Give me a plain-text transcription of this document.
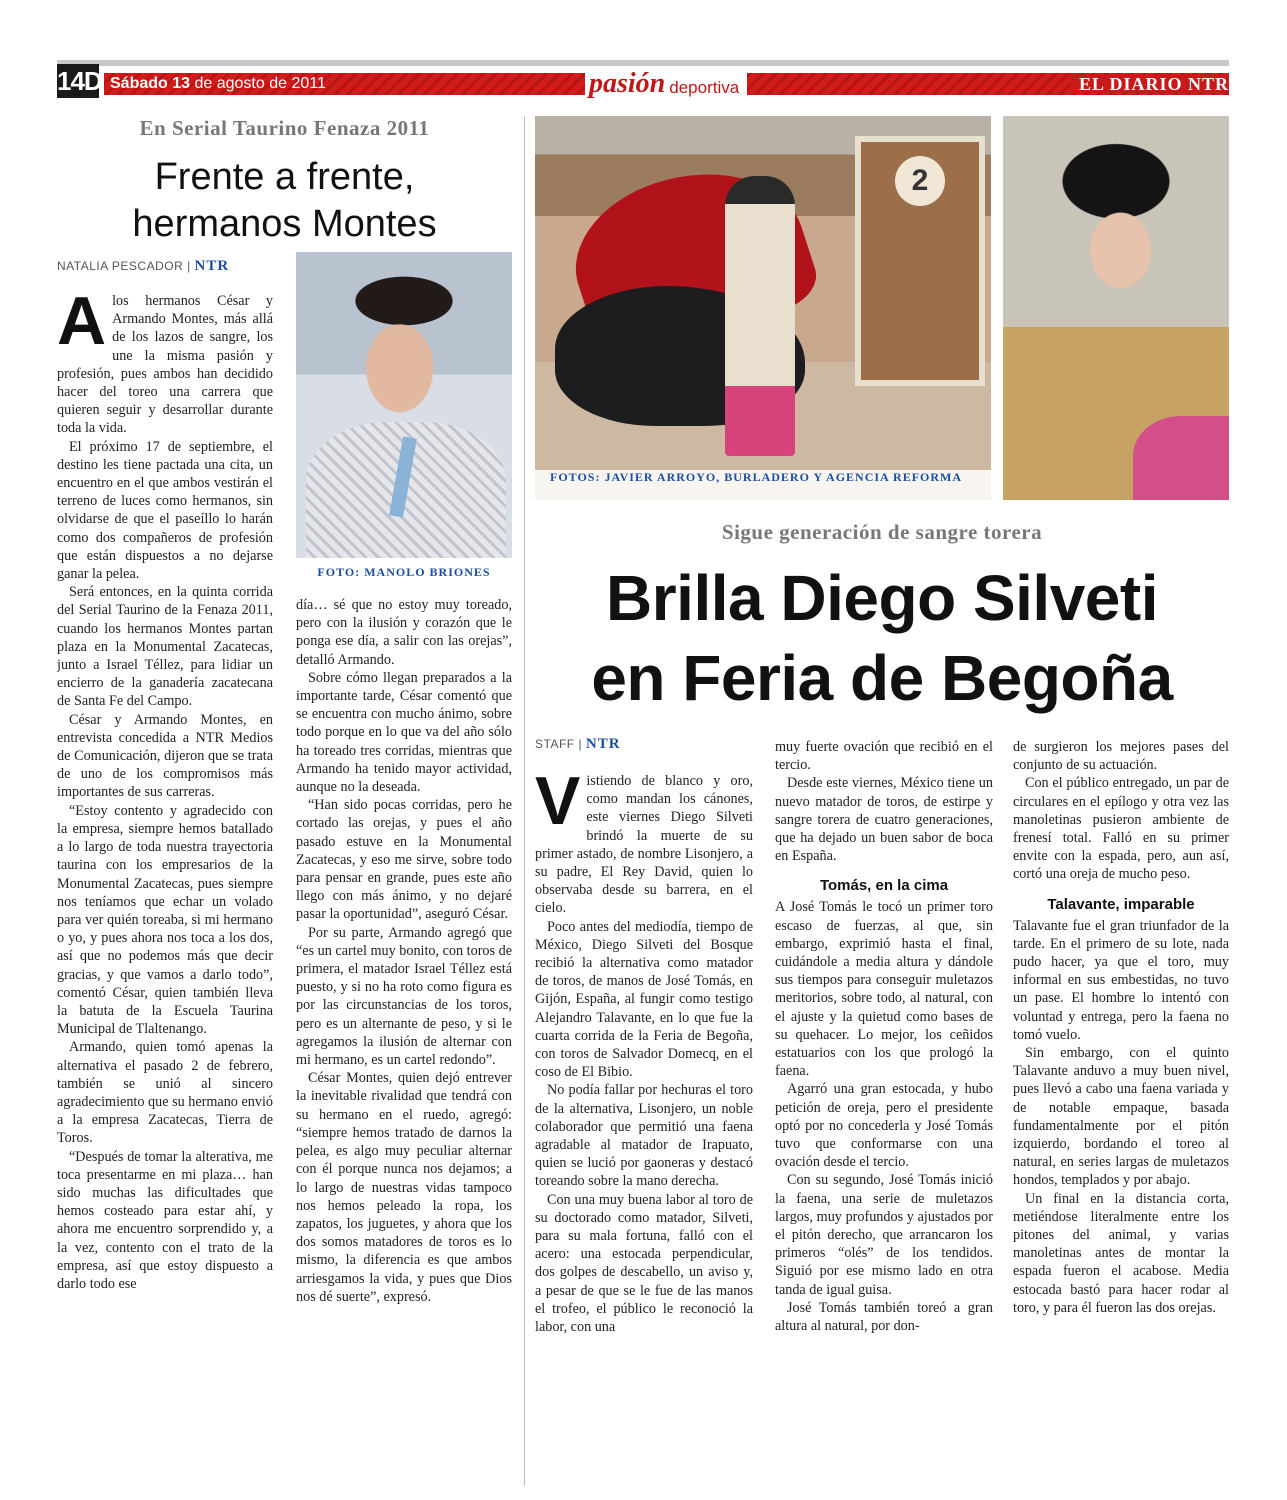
14D Sábado 13 de agosto de 2011	pasión deportiva	EL DIARIO NTR
En Serial Taurino Fenaza 2011
Frente a frente,
hermanos Montes
NATALIA PESCADOR | NTR
FOTO: MANOLO BRIONES
2
FOTOS: JAVIER ARROYO, BURLADERO Y AGENCIA REFORMA
Sigue generación de sangre torera
Brilla Diego Silveti
en Feria de Begoña
STAFF | NTR
V istiendo de blanco y oro, como mandan los cánones, este viernes Diego Silveti brindó la muerte de su primer astado, de nombre Lisonjero, a su padre, El Rey David, quien lo observaba desde su barrera, en el cielo.

Poco antes del mediodía, tiempo de México, Diego Silveti del Bosque recibió la alternativa como matador de toros, de manos de José Tomás, en Gijón, España, al fungir como testigo Alejandro Talavante, en lo que fue la cuarta corrida de la Feria de Begoña, con toros de Salvador Domecq, en el coso de El Bibio.

No podía fallar por hechuras el toro de la alternativa, Lisonjero, un noble colaborador que permitió una faena agradable al matador de Irapuato, quien se lució por gaoneras y destacó toreando sobre la mano derecha.

Con una muy buena labor al toro de su doctorado como matador, Silveti, para su mala fortuna, falló con el acero: una estocada perpendicular, dos golpes de descabello, un aviso y, a pesar de que se le fue de las manos el trofeo, el público le reconoció la labor, con una

muy fuerte ovación que recibió en el tercio.

Desde este viernes, México tiene un nuevo matador de toros, de estirpe y sangre torera de cuatro generaciones, que ha dejado un buen sabor de boca en España.

Tomás, en la cima

A José Tomás le tocó un primer toro escaso de fuerzas, al que, sin embargo, exprimió hasta el final, cuidándole a media altura y dándole sus tiempos para conseguir muletazos meritorios, sobre todo, al natural, con el ajuste y la quietud como bases de su quehacer. Lo mejor, los ceñidos estatuarios con los que prologó la faena.

Agarró una gran estocada, y hubo petición de oreja, pero el presidente optó por no concederla y José Tomás tuvo que conformarse con una ovación desde el tercio.

Con su segundo, José Tomás inició la faena, una serie de muletazos largos, muy profundos y ajustados por el pitón derecho, que arrancaron los primeros “olés” de los tendidos. Siguió por ese mismo lado en otra tanda de igual guisa.

José Tomás también toreó a gran altura al natural, por don-

de surgieron los mejores pases del conjunto de su actuación.

Con el público entregado, un par de circulares en el epílogo y otra vez las manoletinas pusieron ambiente de frenesí total. Falló en su primer envite con la espada, pero, aun así, cortó una oreja de mucho peso.

Talavante, imparable

Talavante fue el gran triunfador de la tarde. En el primero de su lote, nada pudo hacer, ya que el toro, muy informal en sus embestidas, no tuvo un pase. El hombre lo intentó con voluntad y entrega, pero la faena no tomó vuelo.

Sin embargo, con el quinto Talavante anduvo a muy buen nivel, pues llevó a cabo una faena variada y de notable empaque, basada fundamentalmente por el pitón izquierdo, bordando el toreo al natural, en series largas de muletazos hondos, templados y por abajo.

Un final en la distancia corta, metiéndose literalmente entre los pitones del animal, y varias manoletinas antes de montar la espada fueron el acabose. Media estocada bastó para hacer rodar al toro, y para él fueron las dos orejas.

A los hermanos César y Armando Montes, más allá de los lazos de sangre, los une la misma pasión y profesión, pues ambos han decidido hacer del toreo una carrera que quieren seguir y desarrollar durante toda la vida.

El próximo 17 de septiembre, el destino les tiene pactada una cita, un encuentro en el que ambos vestirán el terreno de luces como hermanos, sin olvidarse de que el paseíllo lo harán como dos compañeros de profesión que están dispuestos a no dejarse ganar la pelea.

Será entonces, en la quinta corrida del Serial Taurino de la Fenaza 2011, cuando los hermanos Montes partan plaza en la Monumental Zacatecas, junto a Israel Téllez, para lidiar un encierro de la ganadería zacatecana de Santa Fe del Campo.

César y Armando Montes, en entrevista concedida a NTR Medios de Comunicación, dijeron que se trata de uno de los compromisos más importantes de sus carreras.

“Estoy contento y agradecido con la empresa, siempre hemos batallado a lo largo de toda nuestra trayectoria taurina con los empresarios de la Monumental Zacatecas, pues siempre nos teníamos que echar un volado para ver quién toreaba, si mi hermano o yo, y pues ahora nos toca a los dos, así que no podemos más que decir gracias, y que vamos a darlo todo”, comentó César, quien también lleva la batuta de la Escuela Taurina Municipal de Tlaltenango.

Armando, quien tomó apenas la alternativa el pasado 2 de febrero, también se unió al sincero agradecimiento que su hermano envió a la empresa Zacatecas, Tierra de Toros.

“Después de tomar la alterativa, me toca presentarme en mi plaza… han sido muchas las dificultades que hemos costeado para estar ahí, y ahora me encuentro sorprendido y, a la vez, contento con el trato de la empresa, así que estoy dispuesto a darlo todo ese

día… sé que no estoy muy toreado, pero con la ilusión y corazón que le ponga ese día, a salir con las orejas”, detalló Armando.

Sobre cómo llegan preparados a la importante tarde, César comentó que se encuentra con mucho ánimo, sobre todo porque en lo que va del año sólo ha toreado tres corridas, mientras que Armando ha tenido mayor actividad, aunque no la deseada.

“Han sido pocas corridas, pero he cortado las orejas, y pues el año pasado estuve en la Monumental Zacatecas, y eso me sirve, sobre todo para pensar en grande, pues este año llego con más ánimo, y no dejaré pasar la oportunidad”, aseguró César.

Por su parte, Armando agregó que “es un cartel muy bonito, con toros de primera, el matador Israel Téllez está puesto, y si no ha roto como figura es por las circunstancias de los toros, pero es un alternante de peso, y si le agregamos la ilusión de alternar con mi hermano, es un cartel redondo”.

César Montes, quien dejó entrever la inevitable rivalidad que tendrá con su hermano en el ruedo, agregó: “siempre hemos tratado de darnos la pelea, es algo muy peculiar alternar con él porque nunca nos dejamos; a lo largo de nuestras vidas tampoco nos hemos peleado la ropa, los zapatos, los juguetes, y ahora que los dos somos matadores de toros es lo mismo, la diferencia es que ambos arriesgamos la vida, y pues que Dios nos dé suerte”, expresó.
